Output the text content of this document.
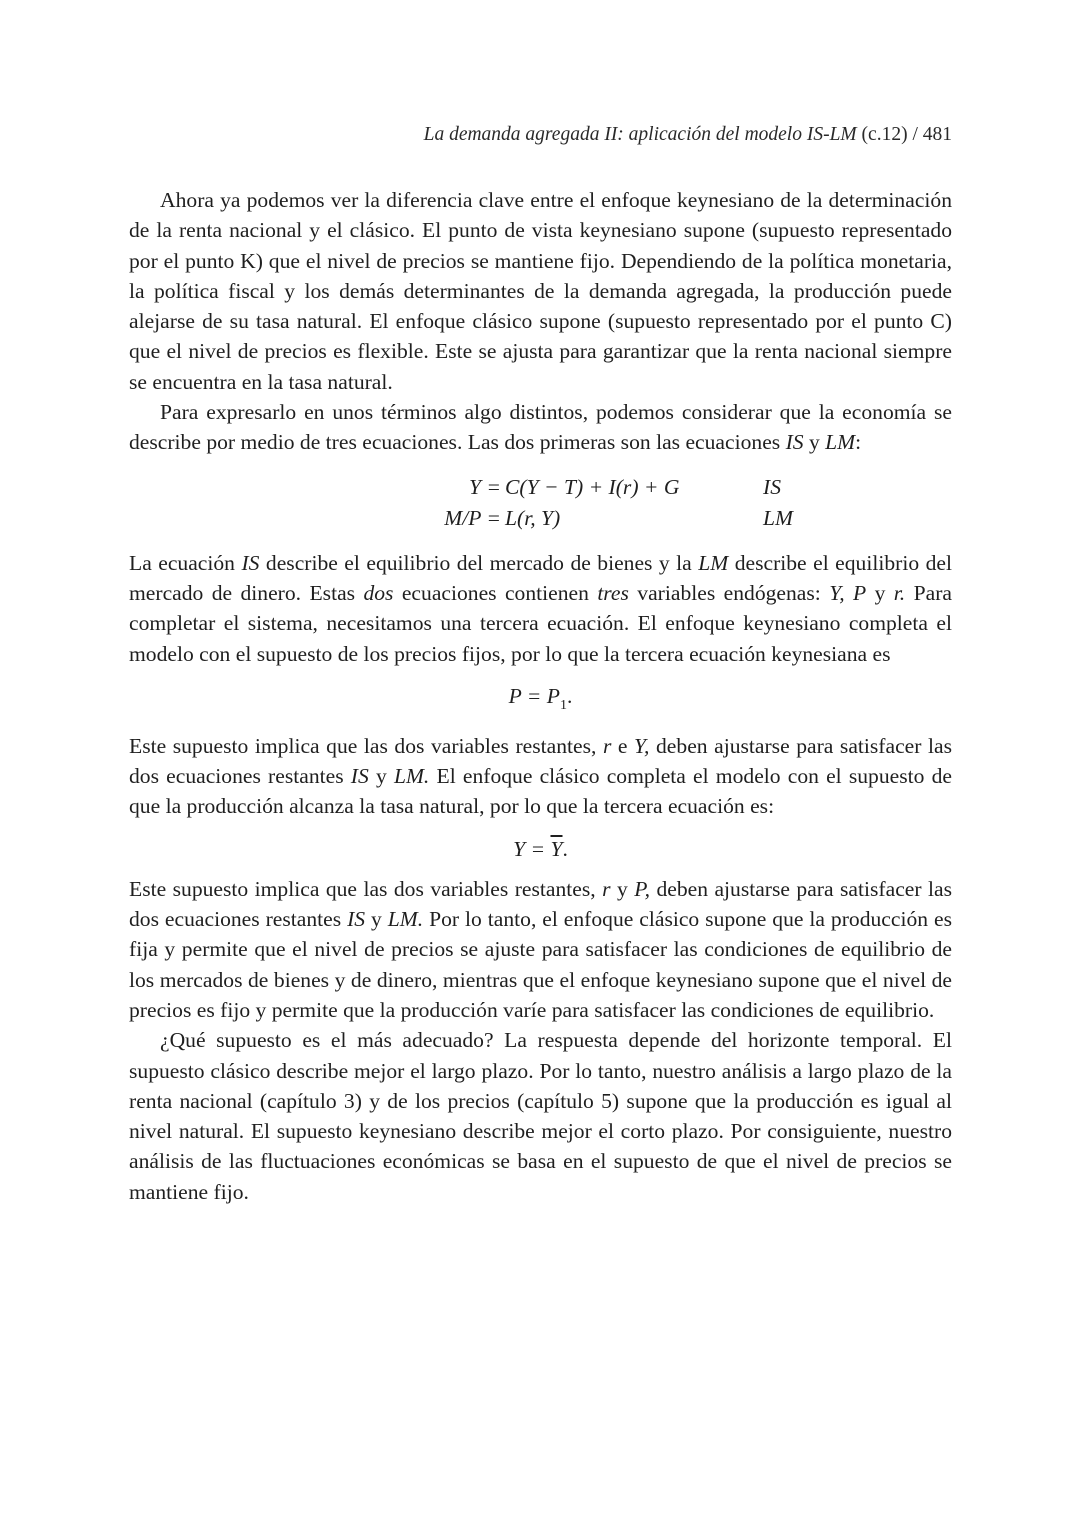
La demanda agregada II: aplicación del modelo IS-LM (c.12) / 481

Ahora ya podemos ver la diferencia clave entre el enfoque keynesiano de la determinación de la renta nacional y el clásico. El punto de vista keynesiano supone (supuesto representado por el punto K) que el nivel de precios se mantiene fijo. Dependiendo de la política monetaria, la política fiscal y los demás determinantes de la demanda agregada, la producción puede alejarse de su tasa natural. El enfoque clásico supone (supuesto representado por el punto C) que el nivel de precios es flexible. Este se ajusta para garantizar que la renta nacional siempre se encuentra en la tasa natural.

Para expresarlo en unos términos algo distintos, podemos considerar que la economía se describe por medio de tres ecuaciones. Las dos primeras son las ecuaciones IS y LM:

Y = C(Y − T) + I(r) + G	IS
M/P = L(r, Y)	LM

La ecuación IS describe el equilibrio del mercado de bienes y la LM describe el equilibrio del mercado de dinero. Estas dos ecuaciones contienen tres variables endógenas: Y, P y r. Para completar el sistema, necesitamos una tercera ecuación. El enfoque keynesiano completa el modelo con el supuesto de los precios fijos, por lo que la tercera ecuación keynesiana es

$P = P_1$.

Este supuesto implica que las dos variables restantes, r e Y, deben ajustarse para satisfacer las dos ecuaciones restantes IS y LM. El enfoque clásico completa el modelo con el supuesto de que la producción alcanza la tasa natural, por lo que la tercera ecuación es:

$Y = \overline{Y}$.

Este supuesto implica que las dos variables restantes, r y P, deben ajustarse para satisfacer las dos ecuaciones restantes IS y LM. Por lo tanto, el enfoque clásico supone que la producción es fija y permite que el nivel de precios se ajuste para satisfacer las condiciones de equilibrio de los mercados de bienes y de dinero, mientras que el enfoque keynesiano supone que el nivel de precios es fijo y permite que la producción varíe para satisfacer las condiciones de equilibrio.

¿Qué supuesto es el más adecuado? La respuesta depende del horizonte temporal. El supuesto clásico describe mejor el largo plazo. Por lo tanto, nuestro análisis a largo plazo de la renta nacional (capítulo 3) y de los precios (capítulo 5) supone que la producción es igual al nivel natural. El supuesto keynesiano describe mejor el corto plazo. Por consiguiente, nuestro análisis de las fluctuaciones económicas se basa en el supuesto de que el nivel de precios se mantiene fijo.
